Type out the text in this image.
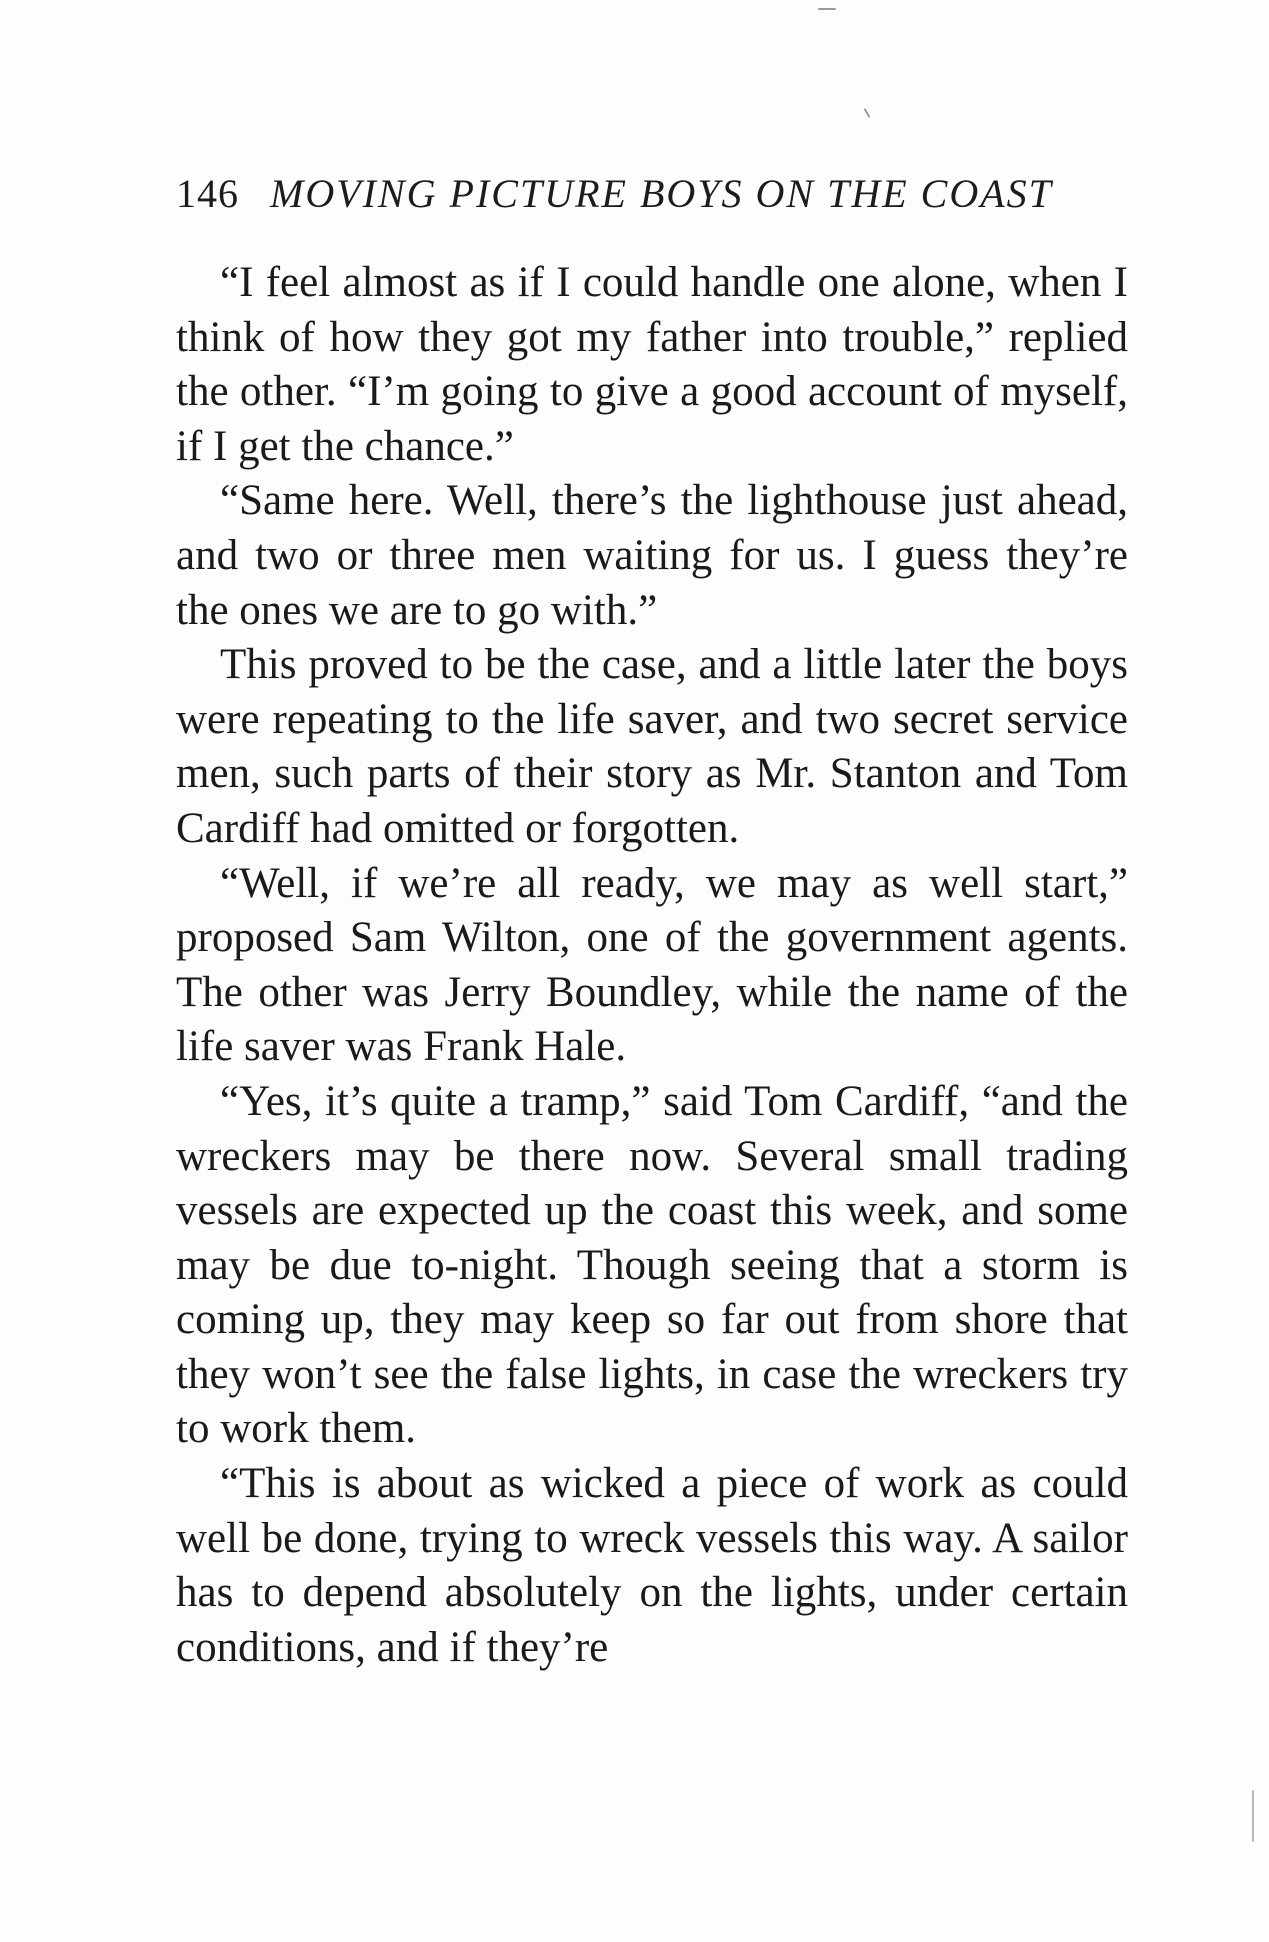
146 MOVING PICTURE BOYS ON THE COAST

“I feel almost as if I could handle one alone, when I think of how they got my father into trouble,” replied the other. “I’m going to give a good account of myself, if I get the chance.”

“Same here. Well, there’s the lighthouse just ahead, and two or three men waiting for us. I guess they’re the ones we are to go with.”

This proved to be the case, and a little later the boys were repeating to the life saver, and two secret service men, such parts of their story as Mr. Stanton and Tom Cardiff had omitted or forgotten.

“Well, if we’re all ready, we may as well start,” proposed Sam Wilton, one of the government agents. The other was Jerry Boundley, while the name of the life saver was Frank Hale.

“Yes, it’s quite a tramp,” said Tom Cardiff, “and the wreckers may be there now. Several small trading vessels are expected up the coast this week, and some may be due to-night. Though seeing that a storm is coming up, they may keep so far out from shore that they won’t see the false lights, in case the wreckers try to work them.

“This is about as wicked a piece of work as could well be done, trying to wreck vessels this way. A sailor has to depend absolutely on the lights, under certain conditions, and if they’re
